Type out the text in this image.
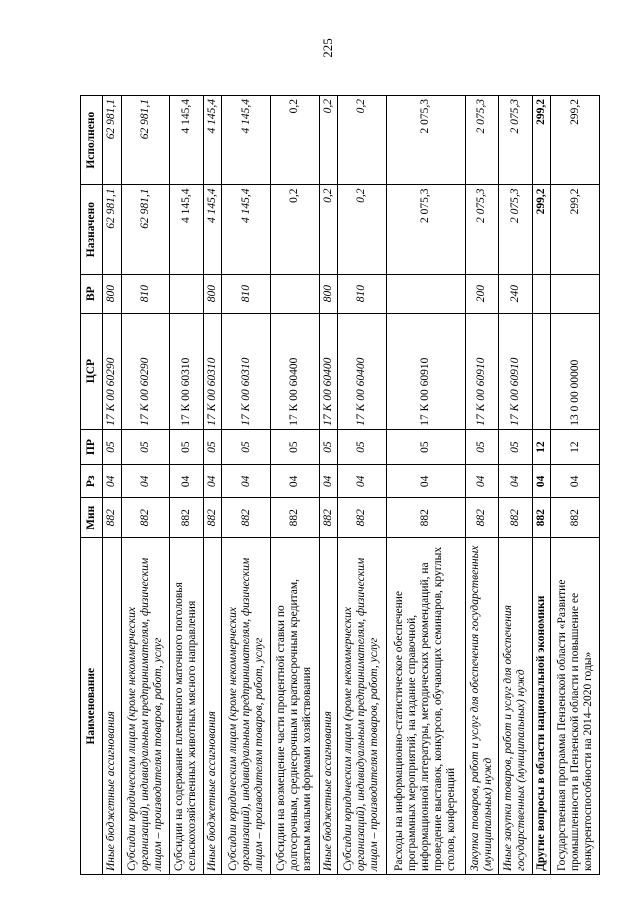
225
Наименование	Мин	Рз	ПР	ЦСР	ВР	Назначено	Исполнено
Иные бюджетные ассигнования	882	04	05	17 К 00 60290	800	62 981,1	62 981,1
Субсидии юридическим лицам (кроме некоммерческих организаций), индивидуальным предпринимателям, физическим лицам – производителям товаров, работ, услуг	882	04	05	17 К 00 60290	810	62 981,1	62 981,1
Субсидии на содержание племенного маточного поголовья сельскохозяйственных животных мясного направления	882	04	05	17 К 00 60310		4 145,4	4 145,4
Иные бюджетные ассигнования	882	04	05	17 К 00 60310	800	4 145,4	4 145,4
Субсидии юридическим лицам (кроме некоммерческих организаций), индивидуальным предпринимателям, физическим лицам – производителям товаров, работ, услуг	882	04	05	17 К 00 60310	810	4 145,4	4 145,4
Субсидии на возмещение части процентной ставки по долгосрочным, среднесрочным и краткосрочным кредитам, взятым малыми формами хозяйствования	882	04	05	17 К 00 60400		0,2	0,2
Иные бюджетные ассигнования	882	04	05	17 К 00 60400	800	0,2	0,2
Субсидии юридическим лицам (кроме некоммерческих организаций), индивидуальным предпринимателям, физическим лицам – производителям товаров, работ, услуг	882	04	05	17 К 00 60400	810	0,2	0,2
Расходы на информационно-статистическое обеспечение программных мероприятий, на издание справочной, информационной литературы, методических рекомендаций, на проведение выставок, конкурсов, обучающих семинаров, круглых столов, конференций	882	04	05	17 К 00 60910		2 075,3	2 075,3
Закупка товаров, работ и услуг для обеспечения государственных (муниципальных) нужд	882	04	05	17 К 00 60910	200	2 075,3	2 075,3
Иные закупки товаров, работ и услуг для обеспечения государственных (муниципальных) нужд	882	04	05	17 К 00 60910	240	2 075,3	2 075,3
Другие вопросы в области национальной экономики	882	04	12			299,2	299,2
Государственная программа Пензенской области «Развитие промышленности в Пензенской области и повышение ее конкурентоспособности на 2014–2020 годы»	882	04	12	13 0 00 00000		299,2	299,2
